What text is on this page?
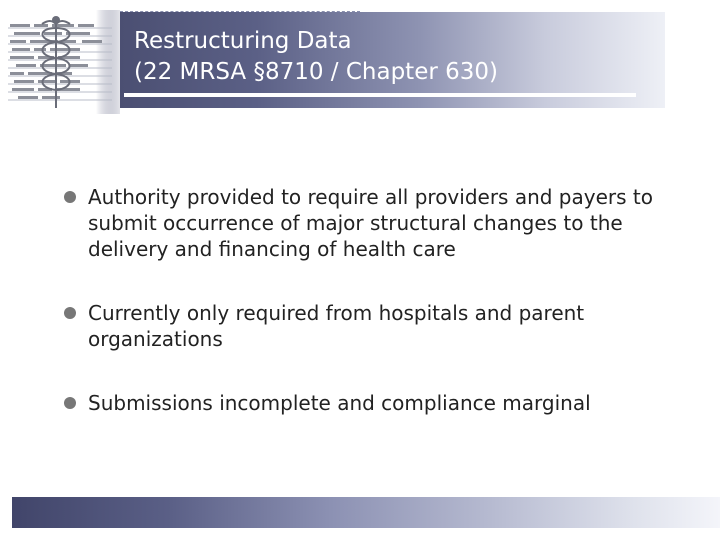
Restructuring Data
(22 MRSA §8710 / Chapter 630)
Authority provided to require all providers and payers to submit occurrence of major structural changes to the delivery and financing of health care
Currently only required from hospitals and parent organizations
Submissions incomplete and compliance marginal
